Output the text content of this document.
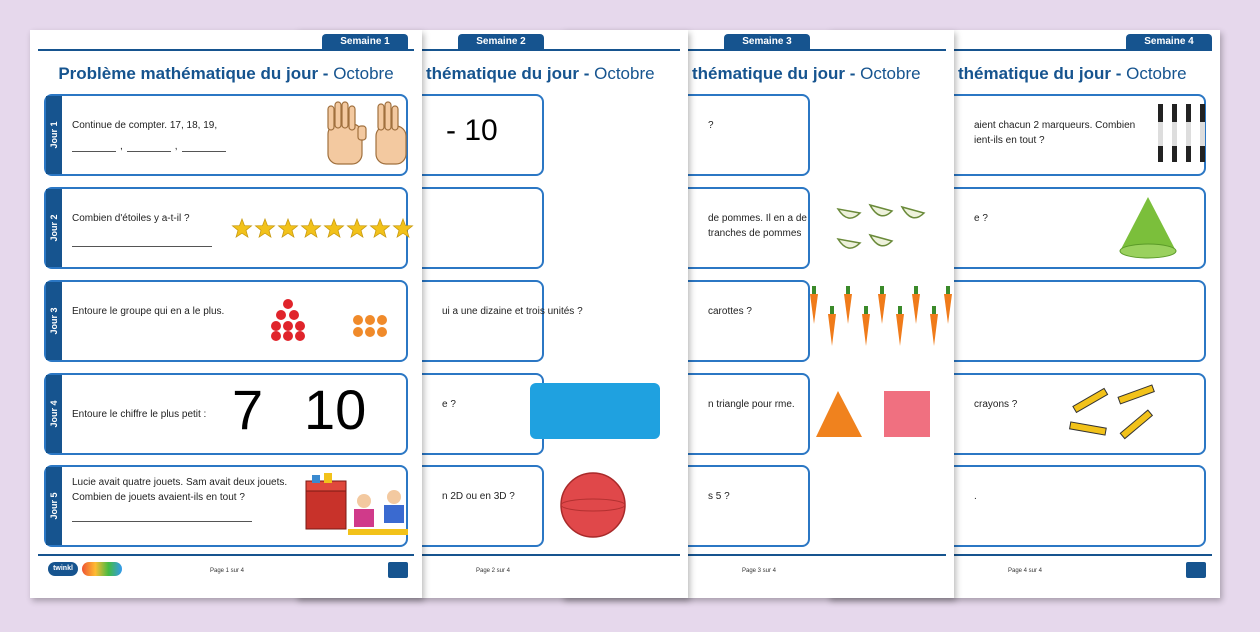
Semaine 4
thématique du jour - Octobre
aient chacun 2 marqueurs. Combien ient-ils en tout ?
e ?
crayons ?
.
Page 4 sur 4
Semaine 3
thématique du jour - Octobre
?
de pommes. Il en a de tranches de pommes
carottes ?
n triangle pour rme.
s 5 ?
Page 3 sur 4
Semaine 2
thématique du jour - Octobre
- 10
ui a une dizaine et trois unités ?
e ?
n 2D ou en 3D ?
Page 2 sur 4
Semaine 1
Problème mathématique du jour - Octobre
Jour 1 Continue de compter. 17, 18, 19,
,	,
Jour 2 Combien d'étoiles y a-t-il ?
Jour 3 Entoure le groupe qui en a le plus.
Jour 4 Entoure le chiffre le plus petit : 7 10
Jour 5
Lucie avait quatre jouets. Sam avait deux jouets. Combien de jouets avaient-ils en tout ?
twinkl	Page 1 sur 4
